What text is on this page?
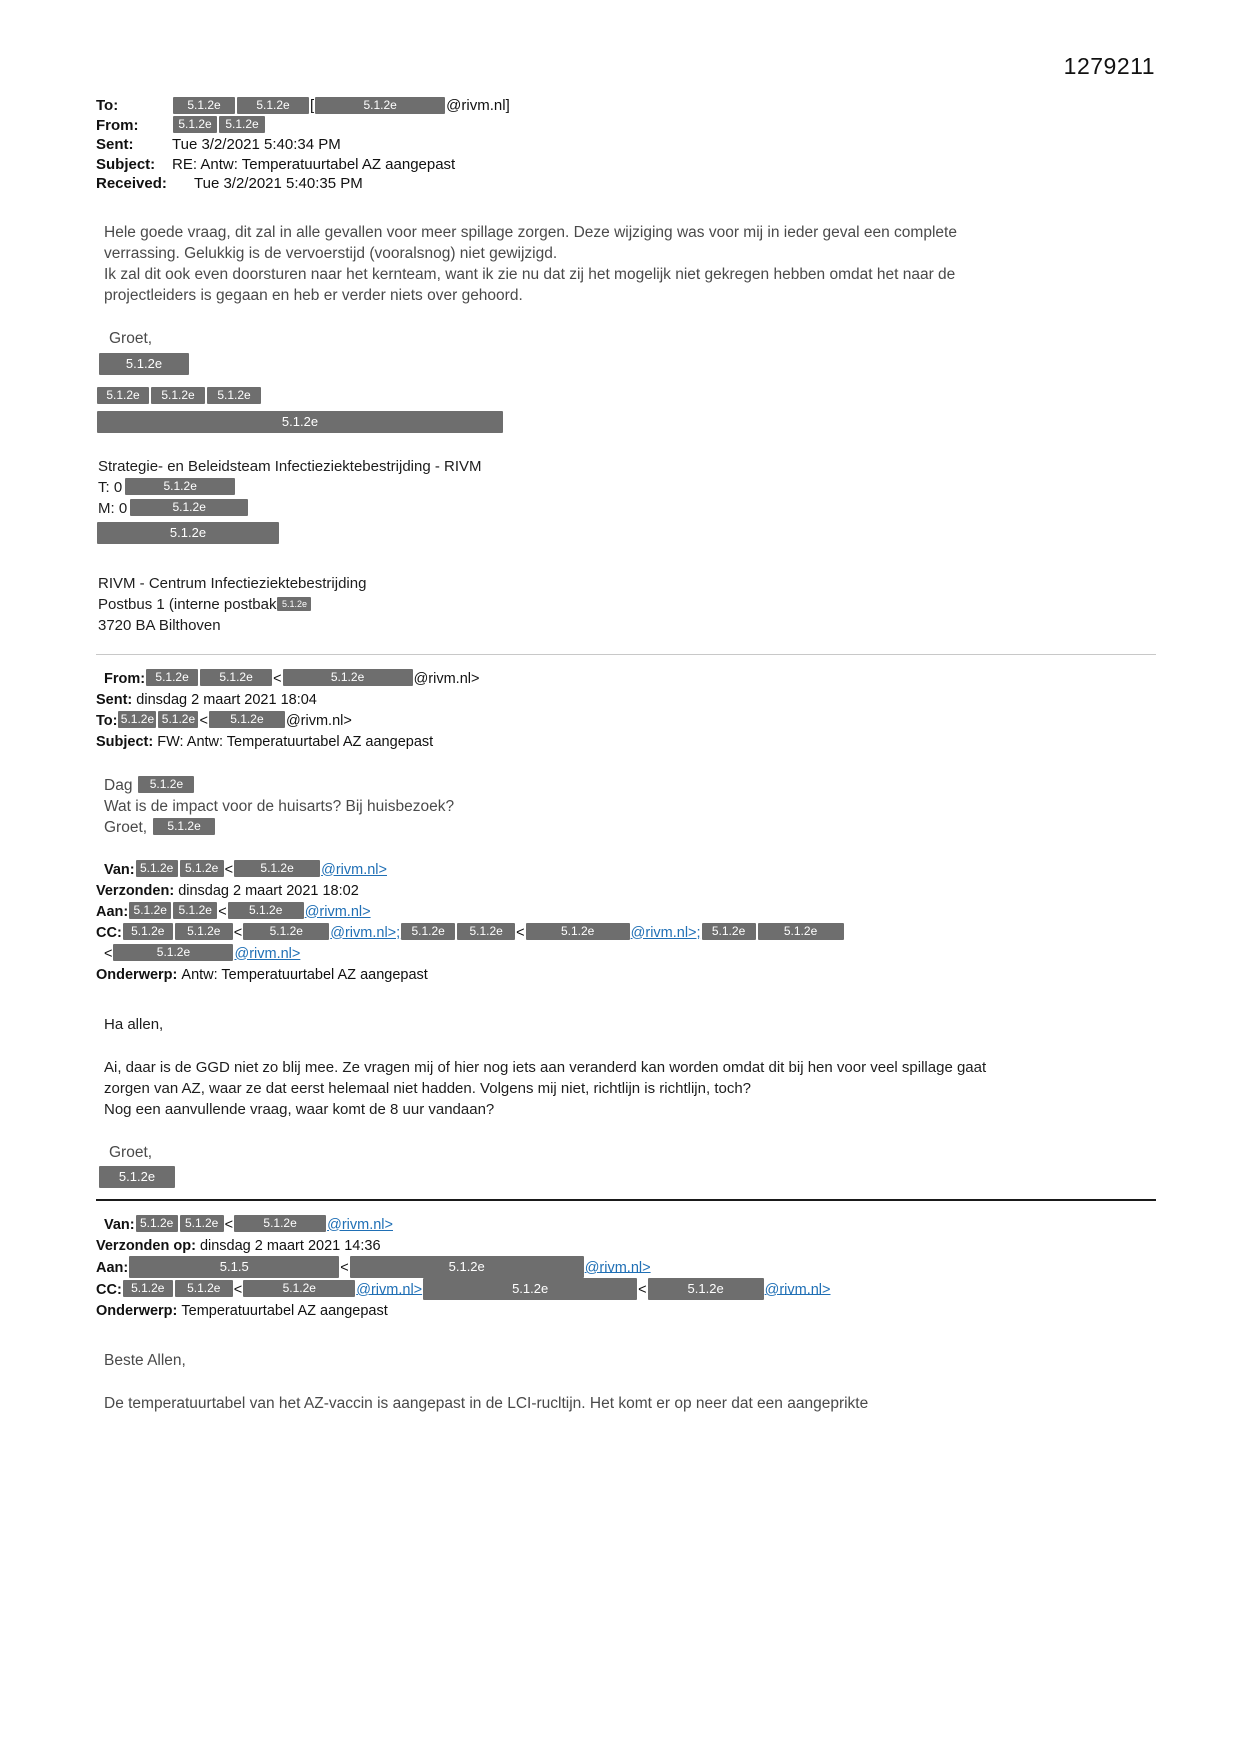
1279211
To:	5.1.2e	5.1.2e [	5.1.2e	@rivm.nl]
From:	5.1.2e 5.1.2e
Sent:	Tue 3/2/2021 5:40:34 PM
Subject: RE: Antw: Temperatuurtabel AZ aangepast
Received: Tue 3/2/2021 5:40:35 PM

Hele goede vraag, dit zal in alle gevallen voor meer spillage zorgen. Deze wijziging was voor mij in ieder geval een complete verrassing. Gelukkig is de vervoerstijd (vooralsnog) niet gewijzigd.

Ik zal dit ook even doorsturen naar het kernteam, want ik zie nu dat zij het mogelijk niet gekregen hebben omdat het naar de projectleiders is gegaan en heb er verder niets over gehoord.

Groet,
5.1.2e
5.1.2e 5.1.2e 5.1.2e
5.1.2e
Strategie- en Beleidsteam Infectieziektebestrijding - RIVM
T: 0	5.1.2e
M: 0	5.1.2e
5.1.2e
RIVM - Centrum Infectieziektebestrijding
Postbus 1 (interne postbak 5.1.2e
3720 BA Bilthoven
From: 5.1.2e	5.1.2e <	5.1.2e	@rivm.nl>
Sent: dinsdag 2 maart 2021 18:04
To: 5.1.2e 5.1.2e < 5.1.2e @rivm.nl>
Subject: FW: Antw: Temperatuurtabel AZ aangepast
Dag 5.1.2e
Wat is de impact voor de huisarts? Bij huisbezoek?
Groet, 5.1.2e
Van: 5.1.2e 5.1.2e < 5.1.2e @rivm.nl>
Verzonden: dinsdag 2 maart 2021 18:02
Aan: 5.1.2e 5.1.2e < 5.1.2e @rivm.nl>
CC: 5.1.2e 5.1.2e < 5.1.2e @rivm.nl>; 5.1.2e 5.1.2e <	5.1.2e	@rivm.nl>; 5.1.2e	5.1.2e
<	5.1.2e	@rivm.nl>
Onderwerp: Antw: Temperatuurtabel AZ aangepast
Ha allen,

Ai, daar is de GGD niet zo blij mee. Ze vragen mij of hier nog iets aan veranderd kan worden omdat dit bij hen voor veel spillage gaat zorgen van AZ, waar ze dat eerst helemaal niet hadden. Volgens mij niet, richtlijn is richtlijn, toch?

Nog een aanvullende vraag, waar komt de 8 uur vandaan?

Groet,
5.1.2e
Van: 5.1.2e 5.1.2e <	5.1.2e @rivm.nl>
Verzonden op: dinsdag 2 maart 2021 14:36
Aan:	5.1.5	<	5.1.2e	@rivm.nl>
CC: 5.1.2e 5.1.2e <	5.1.2e	@rivm.nl>	5.1.2e	<	5.1.2e	@rivm.nl>
Onderwerp: Temperatuurtabel AZ aangepast
Beste Allen,

De temperatuurtabel van het AZ-vaccin is aangepast in de LCI-rucltijn. Het komt er op neer dat een aangeprikte
